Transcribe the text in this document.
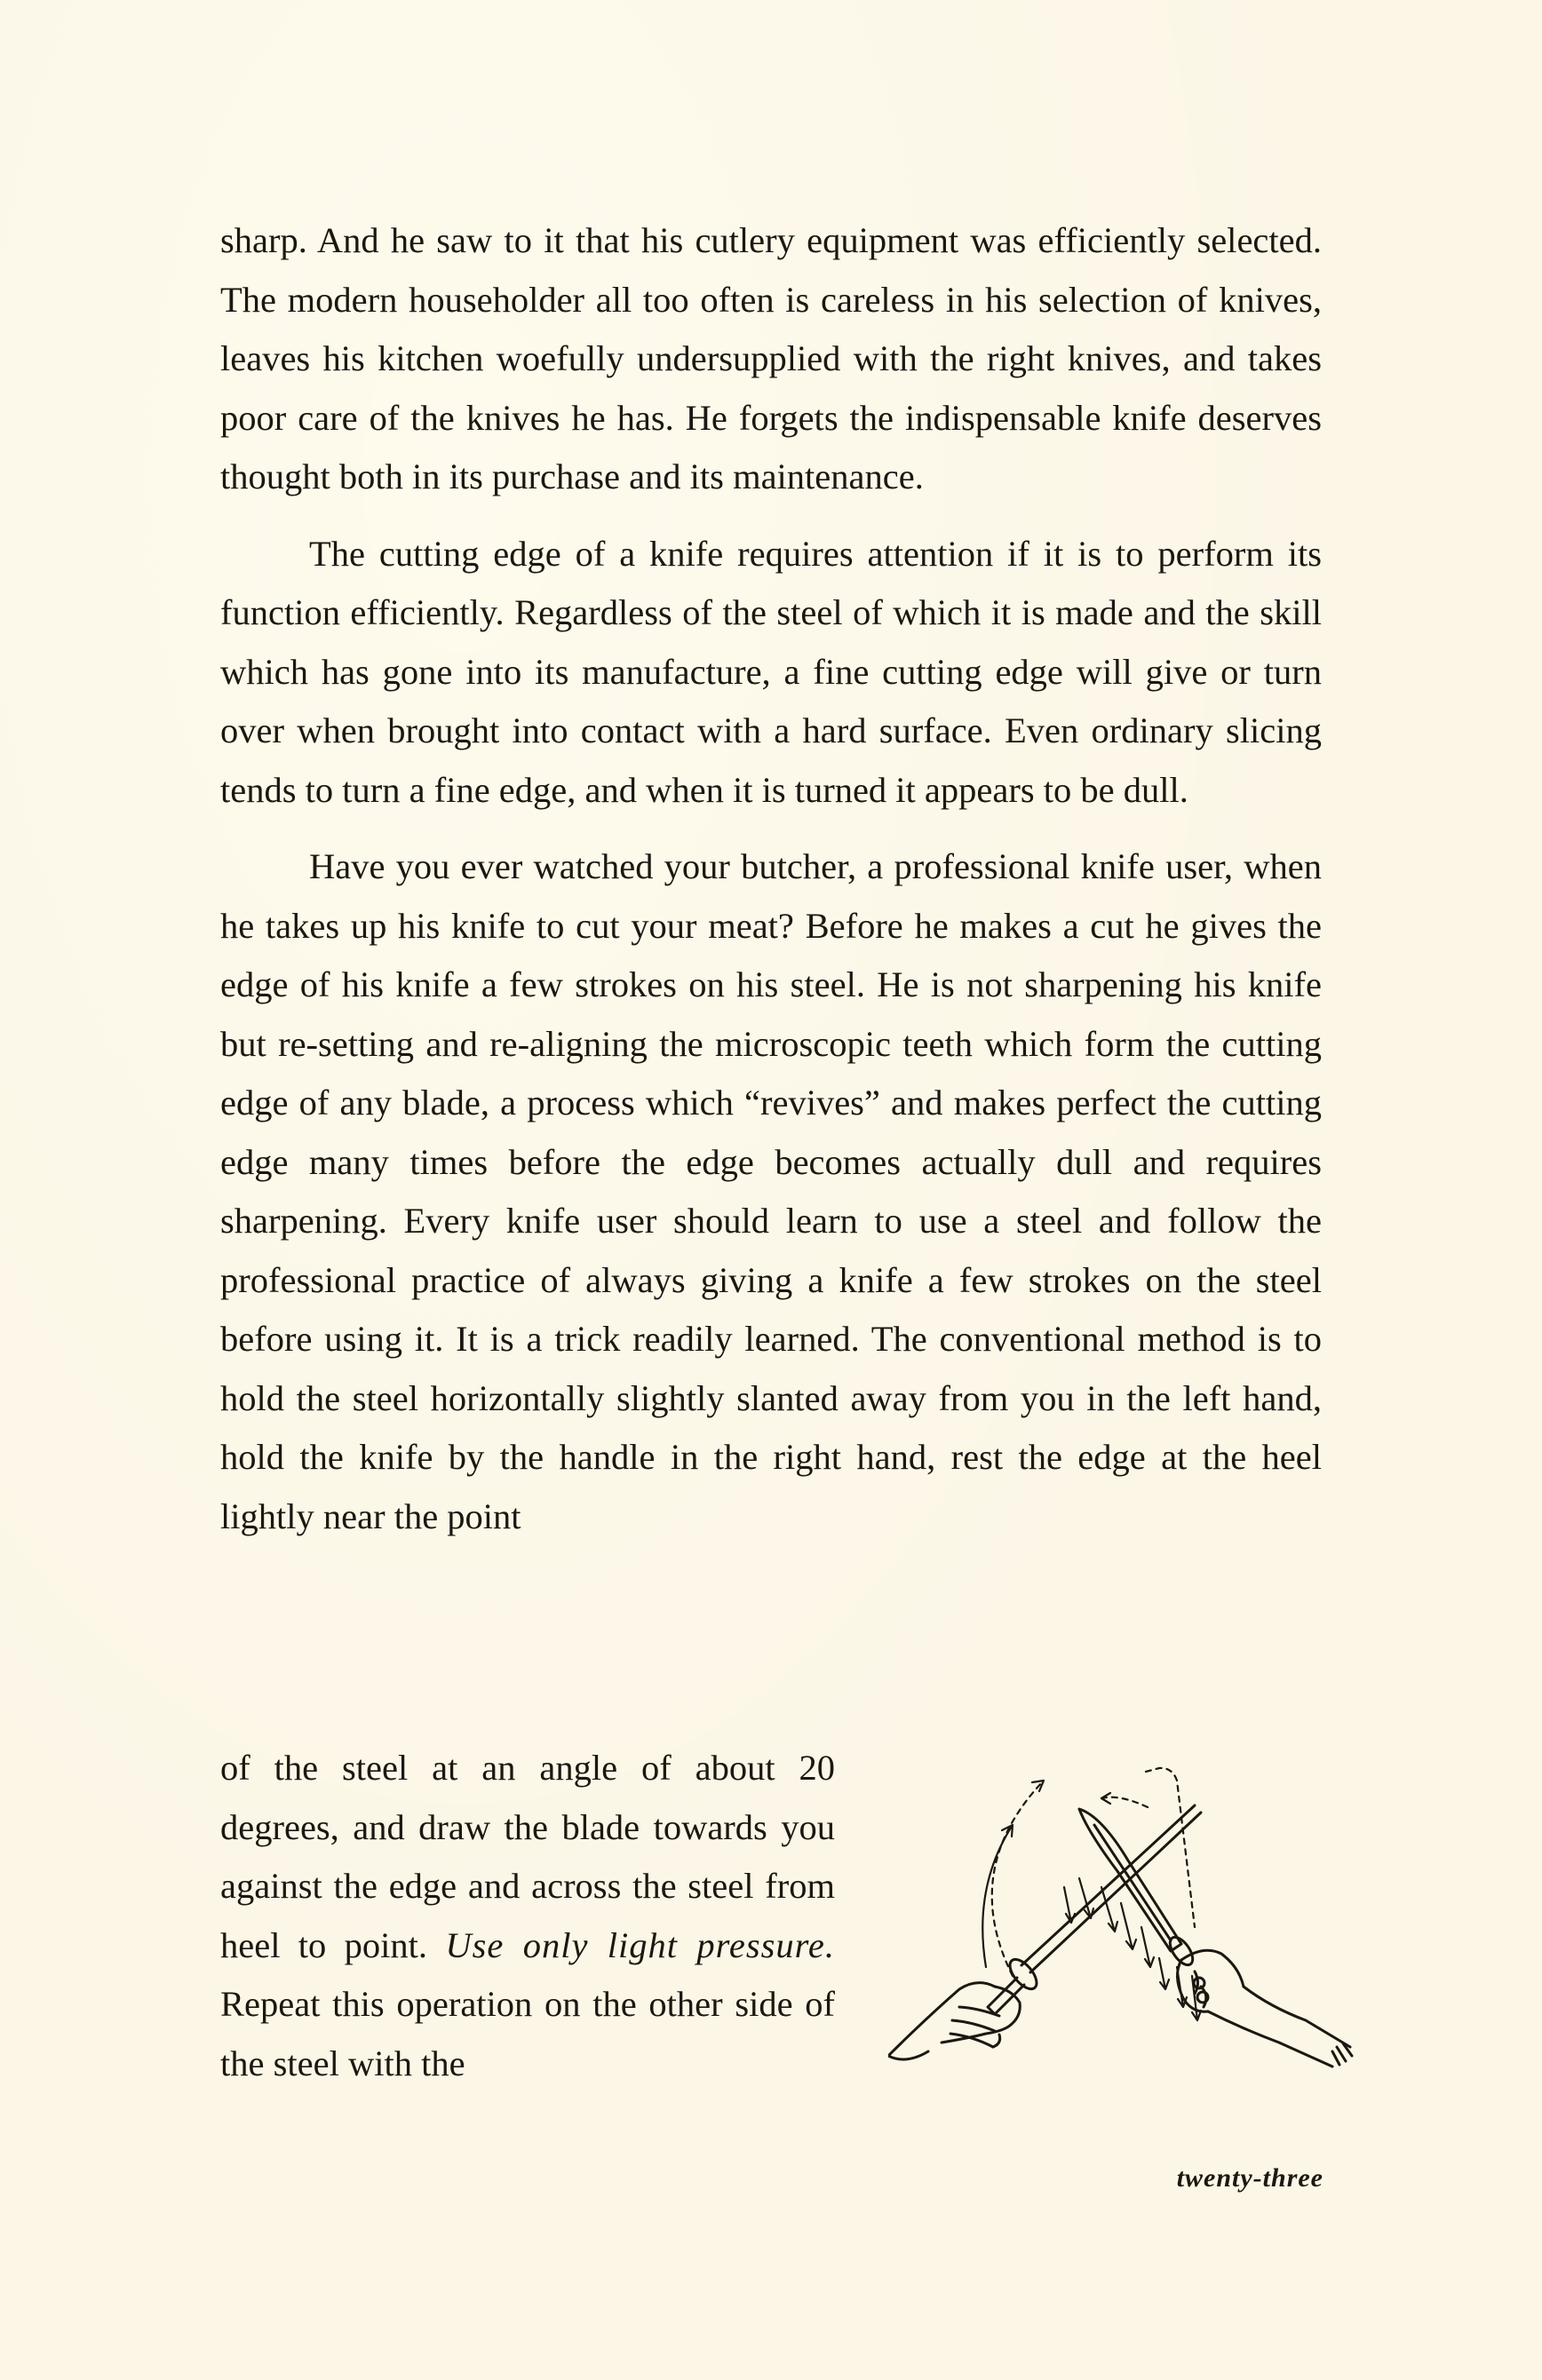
sharp. And he saw to it that his cutlery equipment was efficiently selected. The modern householder all too often is careless in his selection of knives, leaves his kitchen woefully undersupplied with the right knives, and takes poor care of the knives he has. He forgets the indispensable knife deserves thought both in its purchase and its maintenance.

The cutting edge of a knife requires attention if it is to perform its function efficiently. Regardless of the steel of which it is made and the skill which has gone into its manufacture, a fine cutting edge will give or turn over when brought into contact with a hard surface. Even ordinary slicing tends to turn a fine edge, and when it is turned it appears to be dull.

Have you ever watched your butcher, a professional knife user, when he takes up his knife to cut your meat? Before he makes a cut he gives the edge of his knife a few strokes on his steel. He is not sharpening his knife but re-setting and re-aligning the microscopic teeth which form the cutting edge of any blade, a process which “revives” and makes perfect the cutting edge many times before the edge becomes actually dull and requires sharpening. Every knife user should learn to use a steel and follow the professional practice of always giving a knife a few strokes on the steel before using it. It is a trick readily learned. The conventional method is to hold the steel horizontally slightly slanted away from you in the left hand, hold the knife by the handle in the right hand, rest the edge at the heel lightly near the point

of the steel at an angle of about 20 degrees, and draw the blade towards you against the edge and across the steel from heel to point. Use only light pressure. Repeat this operation on the other side of the steel with the

twenty-three
